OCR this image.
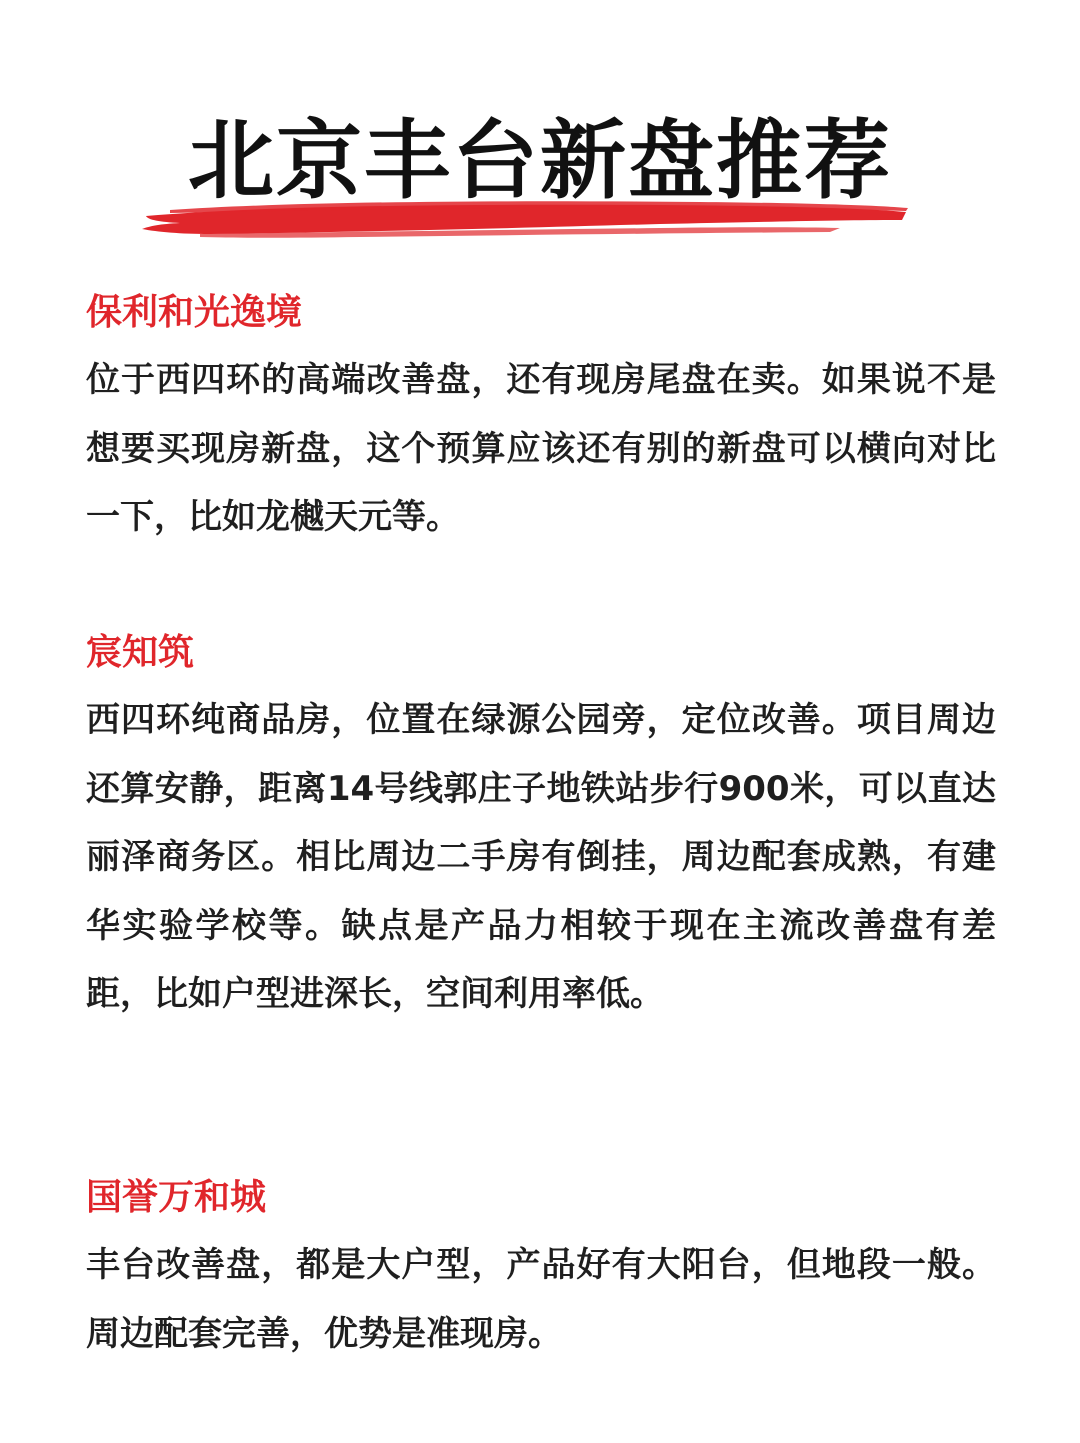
北京丰台新盘推荐
保利和光逸境

位于西四环的高端改善盘，还有现房尾盘在卖。如果说不是想要买现房新盘，这个预算应该还有别的新盘可以横向对比一下，比如龙樾天元等。

宸知筑

西四环纯商品房，位置在绿源公园旁，定位改善。项目周边还算安静，距离14号线郭庄子地铁站步行900米，可以直达丽泽商务区。相比周边二手房有倒挂，周边配套成熟，有建华实验学校等。缺点是产品力相较于现在主流改善盘有差距，比如户型进深长，空间利用率低。

国誉万和城

丰台改善盘，都是大户型，产品好有大阳台，但地段一般。周边配套完善，优势是准现房。
